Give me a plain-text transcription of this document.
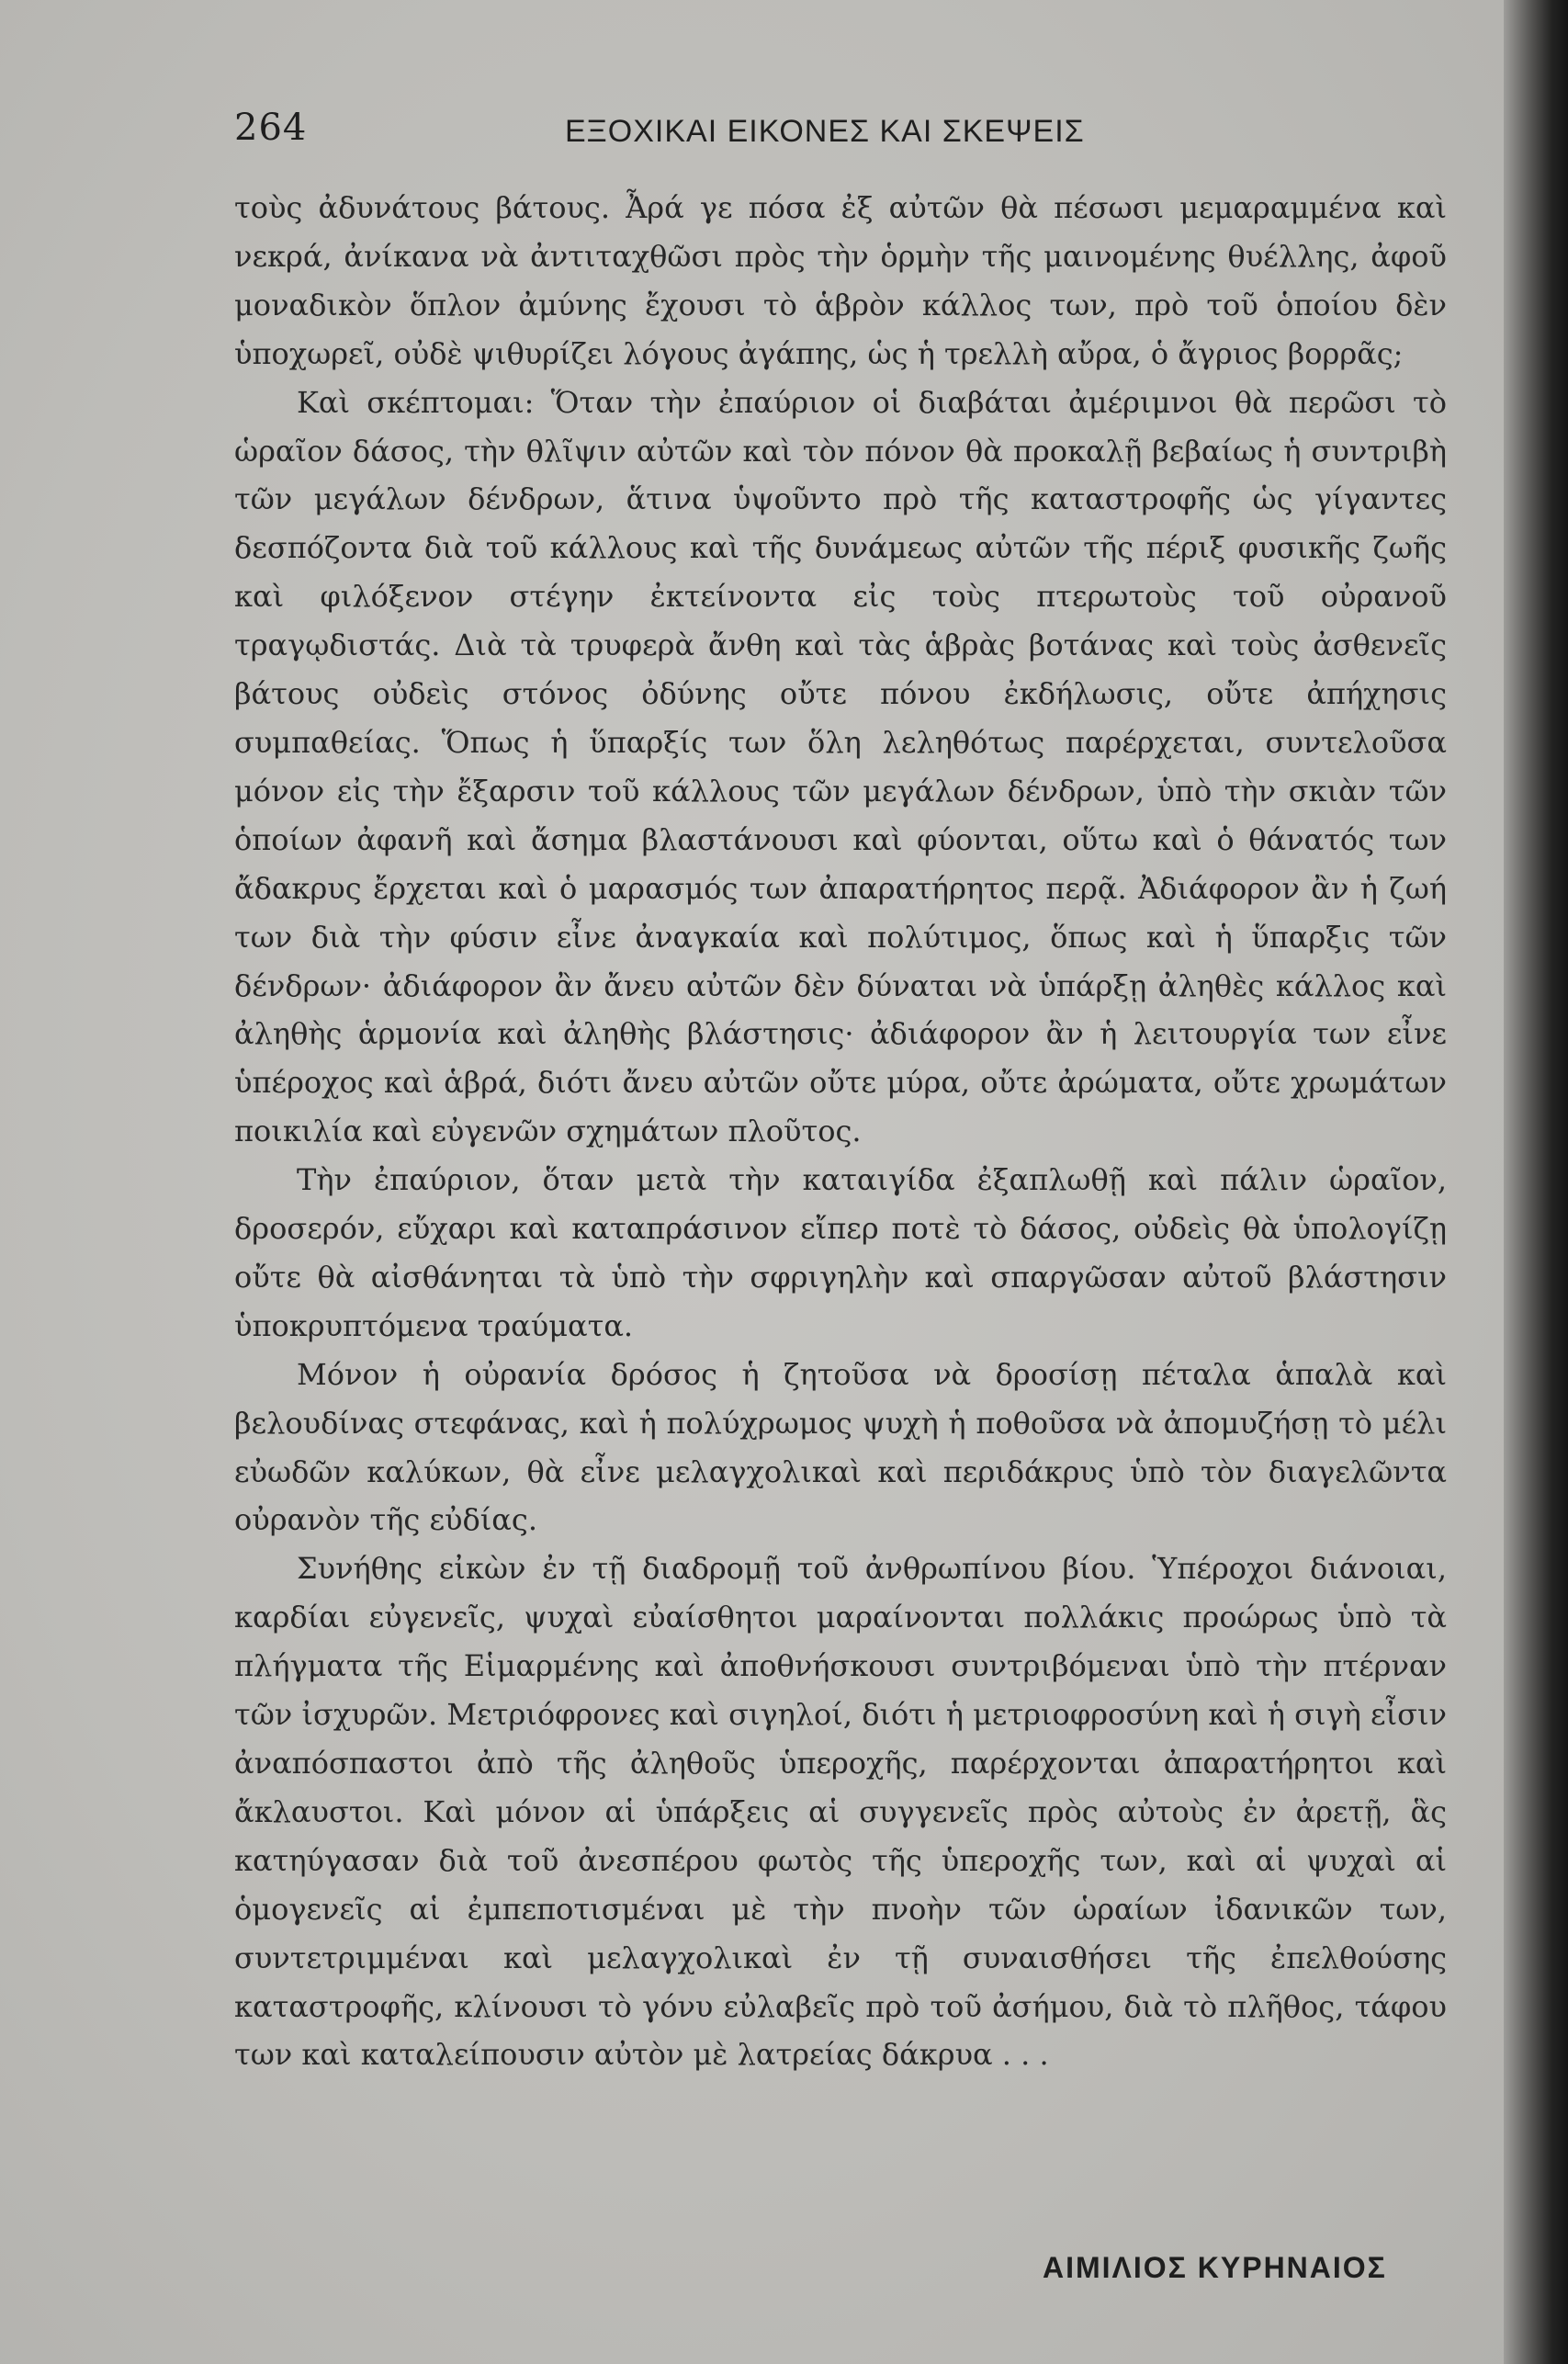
264	ΕΞΟΧΙΚΑΙ ΕΙΚΟΝΕΣ ΚΑΙ ΣΚΕΨΕΙΣ

τοὺς ἀδυνάτους βάτους. Ἆρά γε πόσα ἐξ αὐτῶν θὰ πέσωσι μεμαραμμένα καὶ νεκρά, ἀνίκανα νὰ ἀντιταχθῶσι πρὸς τὴν ὁρμὴν τῆς μαινομένης θυέλλης, ἀφοῦ μοναδικὸν ὅπλον ἀμύνης ἔχουσι τὸ ἁβρὸν κάλλος των, πρὸ τοῦ ὁποίου δὲν ὑποχωρεῖ, οὐδὲ ψιθυρίζει λόγους ἀγάπης, ὡς ἡ τρελλὴ αὔρα, ὁ ἄγριος βορρᾶς;

Καὶ σκέπτομαι: Ὅταν τὴν ἐπαύριον οἱ διαβάται ἀμέριμνοι θὰ περῶσι τὸ ὡραῖον δάσος, τὴν θλῖψιν αὐτῶν καὶ τὸν πόνον θὰ προκαλῇ βεβαίως ἡ συντριβὴ τῶν μεγάλων δένδρων, ἅτινα ὑψοῦντο πρὸ τῆς καταστροφῆς ὡς γίγαντες δεσπόζοντα διὰ τοῦ κάλλους καὶ τῆς δυνάμεως αὐτῶν τῆς πέριξ φυσικῆς ζωῆς καὶ φιλόξενον στέγην ἐκτείνοντα εἰς τοὺς πτερωτοὺς τοῦ οὐρανοῦ τραγῳδιστάς. Διὰ τὰ τρυφερὰ ἄνθη καὶ τὰς ἁβρὰς βοτάνας καὶ τοὺς ἀσθενεῖς βάτους οὐδεὶς στόνος ὀδύνης οὔτε πόνου ἐκδήλωσις, οὔτε ἀπήχησις συμπαθείας. Ὅπως ἡ ὕπαρξίς των ὅλη λεληθότως παρέρχεται, συντελοῦσα μόνον εἰς τὴν ἔξαρσιν τοῦ κάλλους τῶν μεγάλων δένδρων, ὑπὸ τὴν σκιὰν τῶν ὁποίων ἀφανῆ καὶ ἄσημα βλαστάνουσι καὶ φύονται, οὕτω καὶ ὁ θάνατός των ἄδακρυς ἔρχεται καὶ ὁ μαρασμός των ἀπαρατήρητος περᾷ. Ἀδιάφορον ἂν ἡ ζωή των διὰ τὴν φύσιν εἶνε ἀναγκαία καὶ πολύτιμος, ὅπως καὶ ἡ ὕπαρξις τῶν δένδρων· ἀδιάφορον ἂν ἄνευ αὐτῶν δὲν δύναται νὰ ὑπάρξῃ ἀληθὲς κάλλος καὶ ἀληθὴς ἁρμονία καὶ ἀληθὴς βλάστησις· ἀδιάφορον ἂν ἡ λειτουργία των εἶνε ὑπέροχος καὶ ἁβρά, διότι ἄνευ αὐτῶν οὔτε μύρα, οὔτε ἀρώματα, οὔτε χρωμάτων ποικιλία καὶ εὐγενῶν σχημάτων πλοῦτος.

Τὴν ἐπαύριον, ὅταν μετὰ τὴν καταιγίδα ἐξαπλωθῇ καὶ πάλιν ὡραῖον, δροσερόν, εὔχαρι καὶ καταπράσινον εἴπερ ποτὲ τὸ δάσος, οὐδεὶς θὰ ὑπολογίζῃ οὔτε θὰ αἰσθάνηται τὰ ὑπὸ τὴν σφριγηλὴν καὶ σπαργῶσαν αὐτοῦ βλάστησιν ὑποκρυπτόμενα τραύματα.

Μόνον ἡ οὐρανία δρόσος ἡ ζητοῦσα νὰ δροσίσῃ πέταλα ἁπαλὰ καὶ βελουδίνας στεφάνας, καὶ ἡ πολύχρωμος ψυχὴ ἡ ποθοῦσα νὰ ἀπομυζήσῃ τὸ μέλι εὐωδῶν καλύκων, θὰ εἶνε μελαγχολικαὶ καὶ περιδάκρυς ὑπὸ τὸν διαγελῶντα οὐρανὸν τῆς εὐδίας.

Συνήθης εἰκὼν ἐν τῇ διαδρομῇ τοῦ ἀνθρωπίνου βίου. Ὑπέροχοι διάνοιαι, καρδίαι εὐγενεῖς, ψυχαὶ εὐαίσθητοι μαραίνονται πολλάκις προώρως ὑπὸ τὰ πλήγματα τῆς Εἱμαρμένης καὶ ἀποθνήσκουσι συντριβόμεναι ὑπὸ τὴν πτέρναν τῶν ἰσχυρῶν. Μετριόφρονες καὶ σιγηλοί, διότι ἡ μετριοφροσύνη καὶ ἡ σιγὴ εἶσιν ἀναπόσπαστοι ἀπὸ τῆς ἀληθοῦς ὑπεροχῆς, παρέρχονται ἀπαρατήρητοι καὶ ἄκλαυστοι. Καὶ μόνον αἱ ὑπάρξεις αἱ συγγενεῖς πρὸς αὐτοὺς ἐν ἀρετῇ, ἃς κατηύγασαν διὰ τοῦ ἀνεσπέρου φωτὸς τῆς ὑπεροχῆς των, καὶ αἱ ψυχαὶ αἱ ὁμογενεῖς αἱ ἐμπεποτισμέναι μὲ τὴν πνοὴν τῶν ὡραίων ἰδανικῶν των, συντετριμμέναι καὶ μελαγχολικαὶ ἐν τῇ συναισθήσει τῆς ἐπελθούσης καταστροφῆς, κλίνουσι τὸ γόνυ εὐλαβεῖς πρὸ τοῦ ἀσήμου, διὰ τὸ πλῆθος, τάφου των καὶ καταλείπουσιν αὐτὸν μὲ λατρείας δάκρυα . . .

ΑΙΜΙΛΙΟΣ ΚΥΡΗΝΑΙΟΣ
